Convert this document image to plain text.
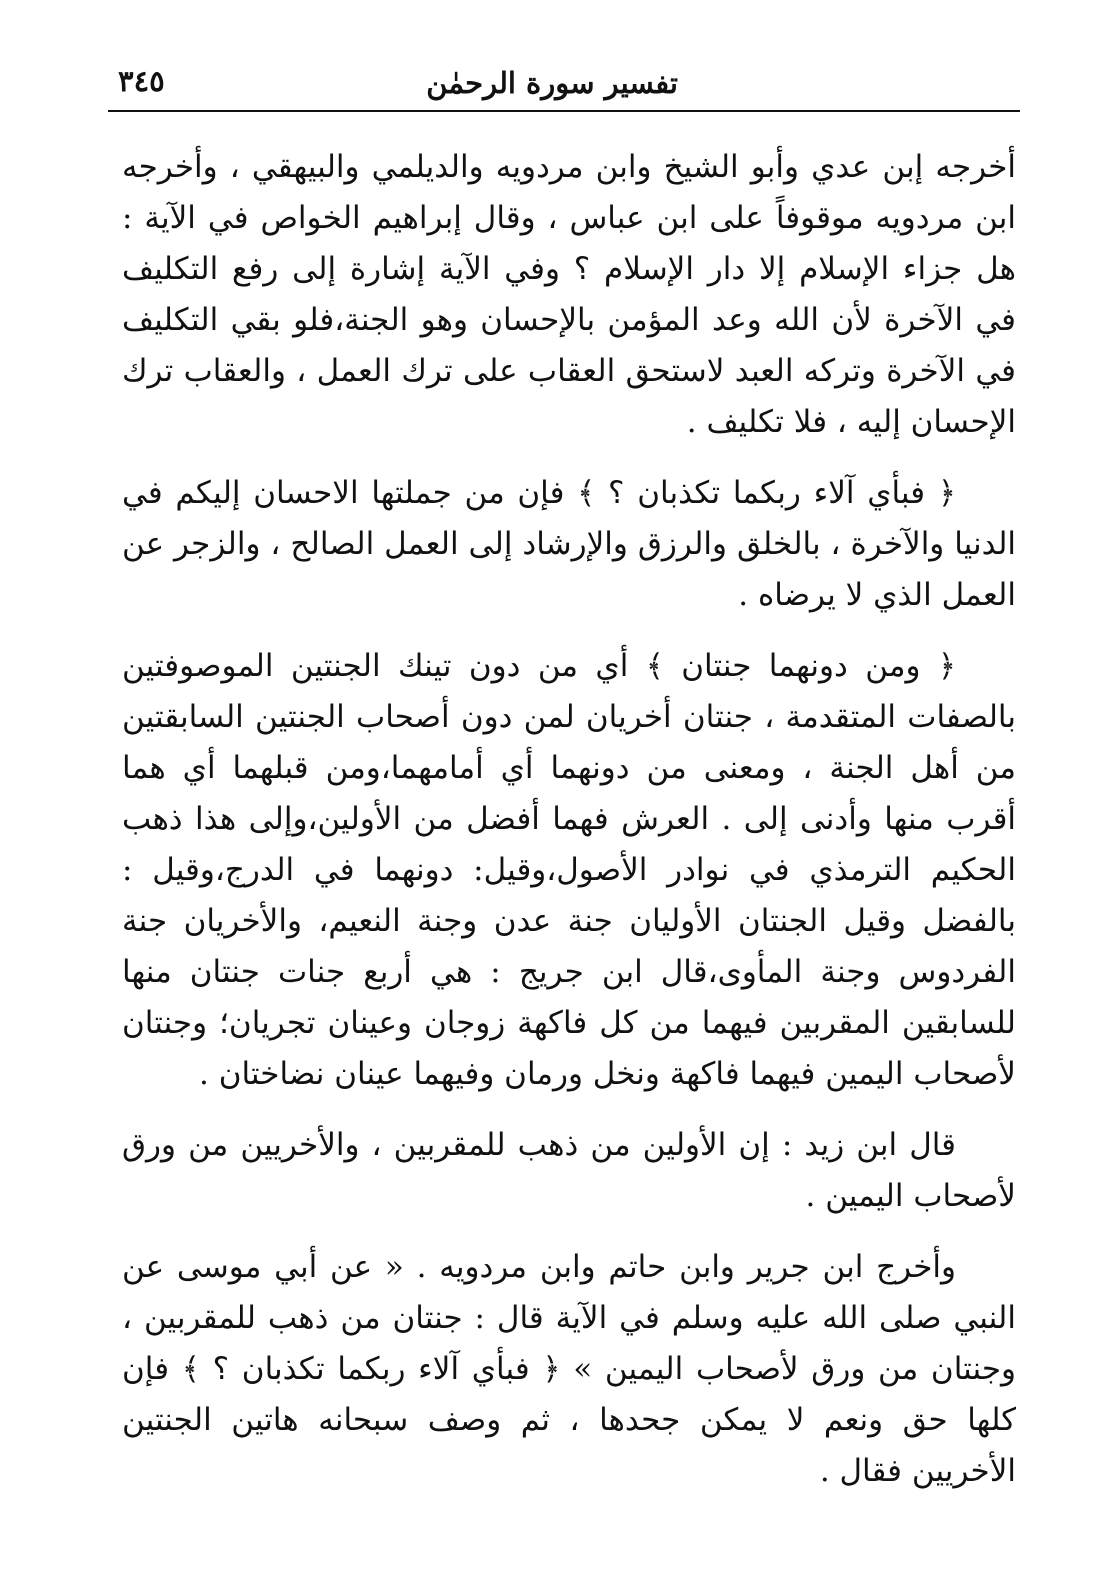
تفسير سورة الرحمٰن
٣٤٥

أخرجه إبن عدي وأبو الشيخ وابن مردويه والديلمي والبيهقي ، وأخرجه ابن مردويه موقوفاً على ابن عباس ، وقال إبراهيم الخواص في الآية : هل جزاء الإسلام إلا دار الإسلام ؟ وفي الآية إشارة إلى رفع التكليف في الآخرة لأن الله وعد المؤمن بالإحسان وهو الجنة،فلو بقي التكليف في الآخرة وتركه العبد لاستحق العقاب على ترك العمل ، والعقاب ترك الإحسان إليه ، فلا تكليف .

﴿ فبأي آلاء ربكما تكذبان ؟ ﴾ فإن من جملتها الاحسان إليكم في الدنيا والآخرة ، بالخلق والرزق والإرشاد إلى العمل الصالح ، والزجر عن العمل الذي لا يرضاه .

﴿ ومن دونهما جنتان ﴾ أي من دون تينك الجنتين الموصوفتين بالصفات المتقدمة ، جنتان أخريان لمن دون أصحاب الجنتين السابقتين من أهل الجنة ، ومعنى من دونهما أي أمامهما،ومن قبلهما أي هما أقرب منها وأدنى إلى . العرش فهما أفضل من الأولين،وإلى هذا ذهب الحكيم الترمذي في نوادر الأصول،وقيل: دونهما في الدرج،وقيل : بالفضل وقيل الجنتان الأوليان جنة عدن وجنة النعيم، والأخريان جنة الفردوس وجنة المأوى،قال ابن جريج : هي أربع جنات جنتان منها للسابقين المقربين فيهما من كل فاكهة زوجان وعينان تجريان؛ وجنتان لأصحاب اليمين فيهما فاكهة ونخل ورمان وفيهما عينان نضاختان .

قال ابن زيد : إن الأولين من ذهب للمقربين ، والأخريين من ورق لأصحاب اليمين .

وأخرج ابن جرير وابن حاتم وابن مردويه . « عن أبي موسى عن النبي صلى الله عليه وسلم في الآية قال : جنتان من ذهب للمقربين ، وجنتان من ورق لأصحاب اليمين » ﴿ فبأي آلاء ربكما تكذبان ؟ ﴾ فإن كلها حق ونعم لا يمكن جحدها ، ثم وصف سبحانه هاتين الجنتين الأخريين فقال .
